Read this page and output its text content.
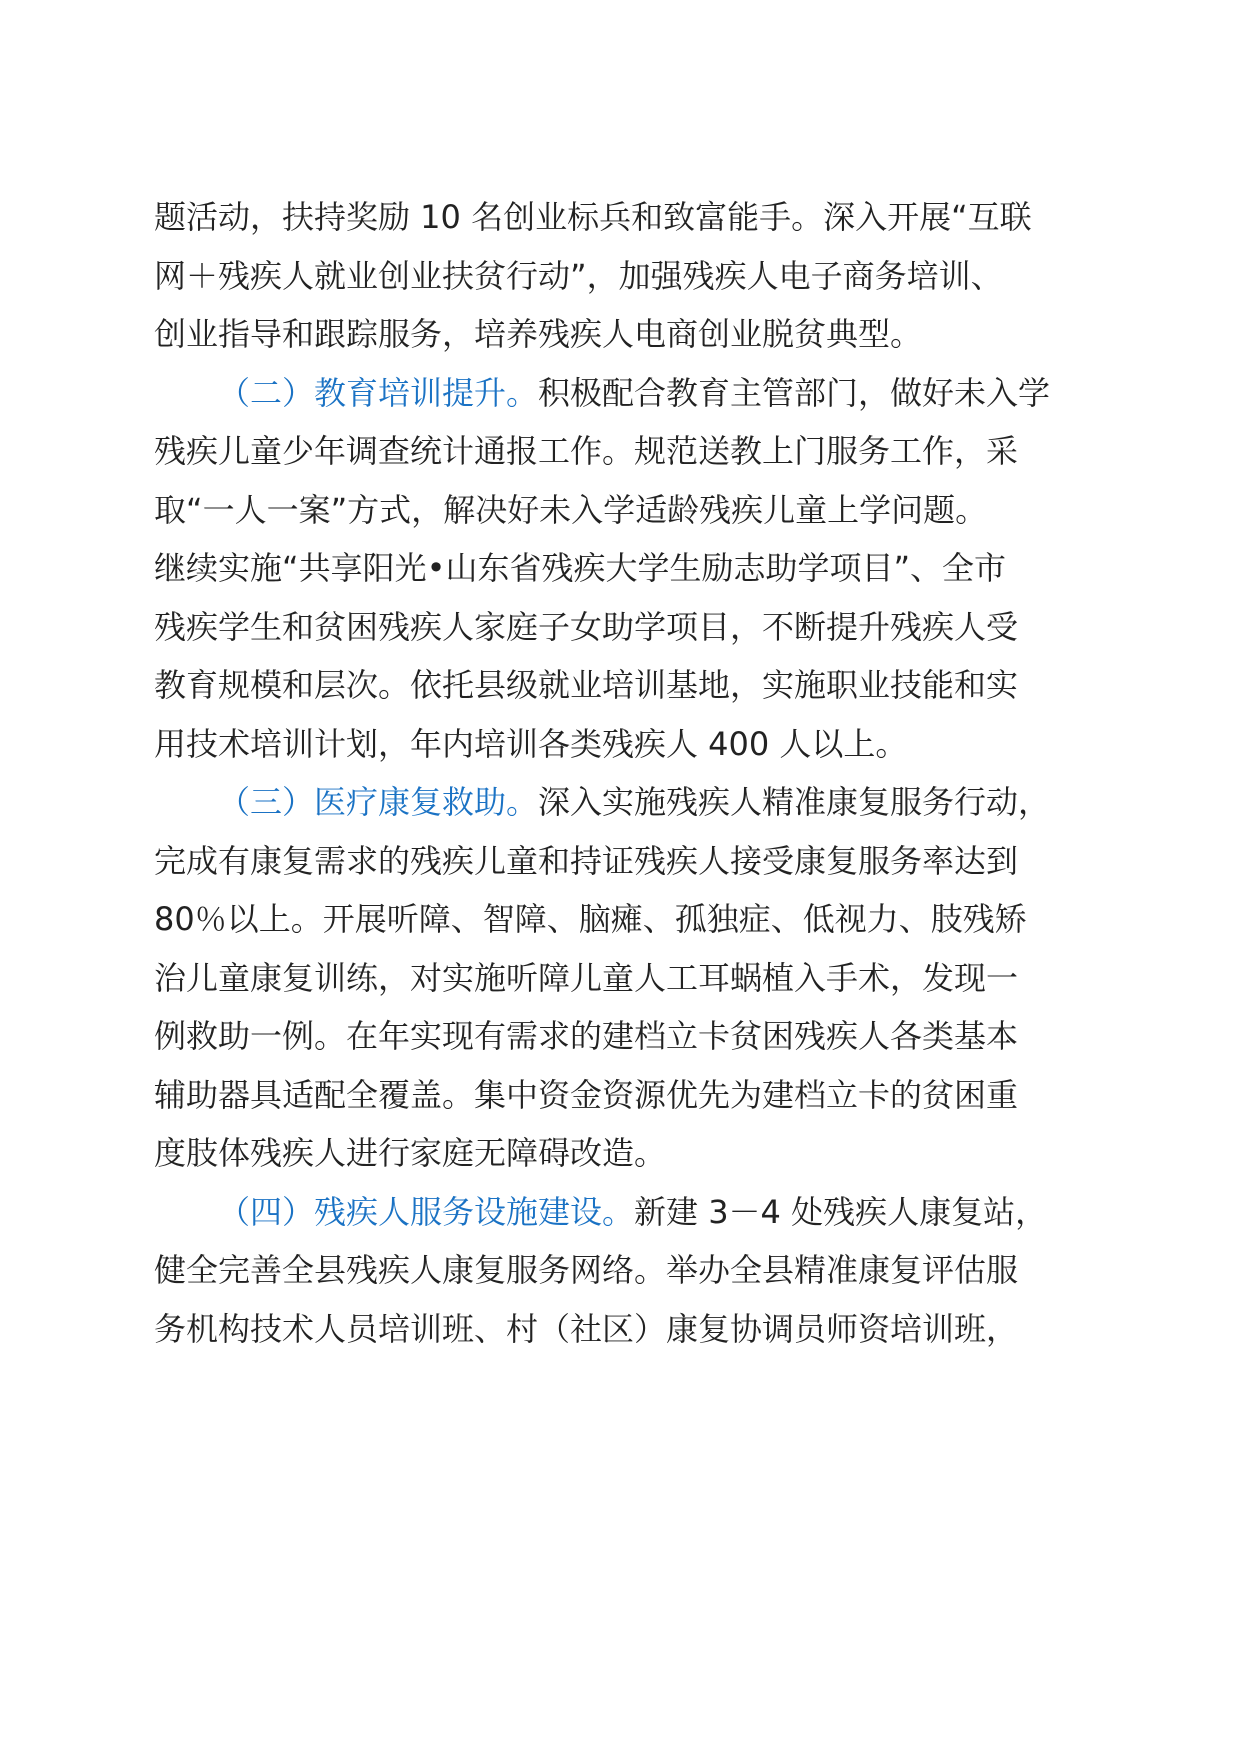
题活动，扶持奖励 10 名创业标兵和致富能手。深入开展“互联
网＋残疾人就业创业扶贫行动”，加强残疾人电子商务培训、
创业指导和跟踪服务，培养残疾人电商创业脱贫典型。
（二）教育培训提升。积极配合教育主管部门，做好未入学
残疾儿童少年调查统计通报工作。规范送教上门服务工作，采
取“一人一案”方式，解决好未入学适龄残疾儿童上学问题。
继续实施“共享阳光•山东省残疾大学生励志助学项目”、全市
残疾学生和贫困残疾人家庭子女助学项目，不断提升残疾人受
教育规模和层次。依托县级就业培训基地，实施职业技能和实
用技术培训计划，年内培训各类残疾人 400 人以上。
（三）医疗康复救助。深入实施残疾人精准康复服务行动，
完成有康复需求的残疾儿童和持证残疾人接受康复服务率达到
80％以上。开展听障、智障、脑瘫、孤独症、低视力、肢残矫
治儿童康复训练，对实施听障儿童人工耳蜗植入手术，发现一
例救助一例。在年实现有需求的建档立卡贫困残疾人各类基本
辅助器具适配全覆盖。集中资金资源优先为建档立卡的贫困重
度肢体残疾人进行家庭无障碍改造。
（四）残疾人服务设施建设。新建 3－4 处残疾人康复站，
健全完善全县残疾人康复服务网络。举办全县精准康复评估服
务机构技术人员培训班、村（社区）康复协调员师资培训班，
